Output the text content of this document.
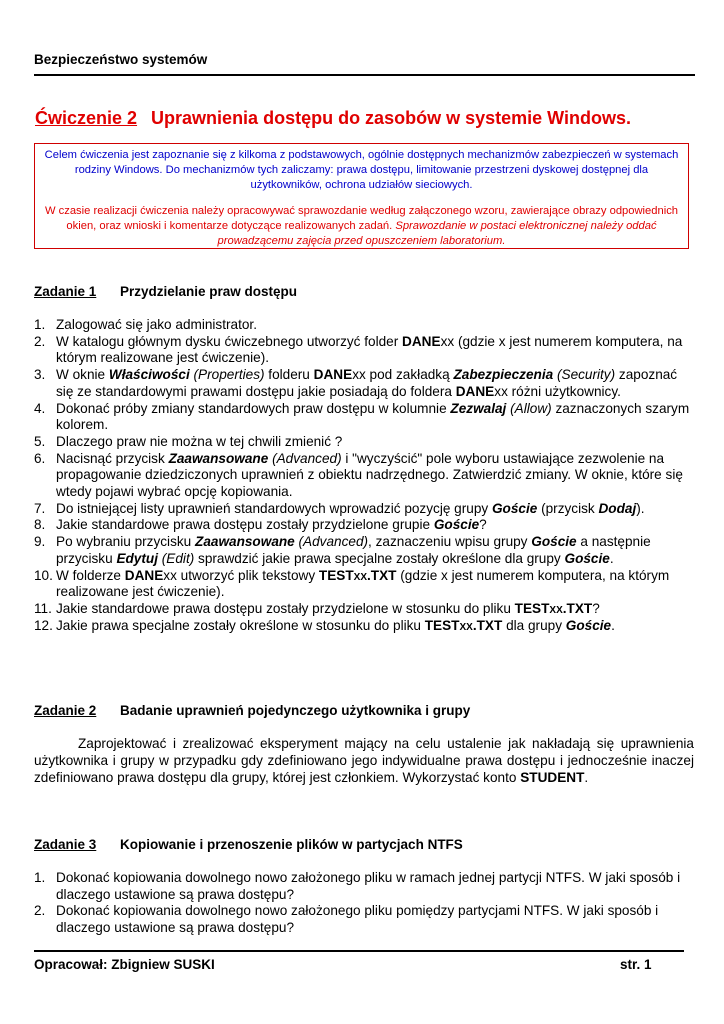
Bezpieczeństwo systemów
Ćwiczenie 2 Uprawnienia dostępu do zasobów w systemie Windows.

Celem ćwiczenia jest zapoznanie się z kilkoma z podstawowych, ogólnie dostępnych mechanizmów zabezpieczeń w systemach rodziny Windows. Do mechanizmów tych zaliczamy: prawa dostępu, limitowanie przestrzeni dyskowej dostępnej dla użytkowników, ochrona udziałów sieciowych.

W czasie realizacji ćwiczenia należy opracowywać sprawozdanie według załączonego wzoru, zawierające obrazy odpowiednich okien, oraz wnioski i komentarze dotyczące realizowanych zadań. Sprawozdanie w postaci elektronicznej należy oddać prowadzącemu zajęcia przed opuszczeniem laboratorium.

Zadanie 1 Przydzielanie praw dostępu
1. Zalogować się jako administrator.
2. W katalogu głównym dysku ćwiczebnego utworzyć folder DANExx (gdzie x jest numerem komputera, na którym realizowane jest ćwiczenie).
3. W oknie Właściwości (Properties) folderu DANExx pod zakładką Zabezpieczenia (Security) zapoznać się ze standardowymi prawami dostępu jakie posiadają do foldera DANExx różni użytkownicy.
4. Dokonać próby zmiany standardowych praw dostępu w kolumnie Zezwalaj (Allow) zaznaczonych szarym kolorem.
5. Dlaczego praw nie można w tej chwili zmienić ?
6. Nacisnąć przycisk Zaawansowane (Advanced) i "wyczyścić" pole wyboru ustawiające zezwolenie na propagowanie dziedziczonych uprawnień z obiektu nadrzędnego. Zatwierdzić zmiany. W oknie, które się wtedy pojawi wybrać opcję kopiowania.
7. Do istniejącej listy uprawnień standardowych wprowadzić pozycję grupy Goście (przycisk Dodaj).
8. Jakie standardowe prawa dostępu zostały przydzielone grupie Goście?
9. Po wybraniu przycisku Zaawansowane (Advanced), zaznaczeniu wpisu grupy Goście a następnie przycisku Edytuj (Edit) sprawdzić jakie prawa specjalne zostały określone dla grupy Goście.
10. W folderze DANExx utworzyć plik tekstowy TESTxx.TXT (gdzie x jest numerem komputera, na którym realizowane jest ćwiczenie).
11. Jakie standardowe prawa dostępu zostały przydzielone w stosunku do pliku TESTxx.TXT?
12. Jakie prawa specjalne zostały określone w stosunku do pliku TESTxx.TXT dla grupy Goście.
Zadanie 2 Badanie uprawnień pojedynczego użytkownika i grupy

Zaprojektować i zrealizować eksperyment mający na celu ustalenie jak nakładają się uprawnienia użytkownika i grupy w przypadku gdy zdefiniowano jego indywidualne prawa dostępu i jednocześnie inaczej zdefiniowano prawa dostępu dla grupy, której jest członkiem. Wykorzystać konto STUDENT.

Zadanie 3 Kopiowanie i przenoszenie plików w partycjach NTFS
1. Dokonać kopiowania dowolnego nowo założonego pliku w ramach jednej partycji NTFS. W jaki sposób i dlaczego ustawione są prawa dostępu?
2. Dokonać kopiowania dowolnego nowo założonego pliku pomiędzy partycjami NTFS. W jaki sposób i dlaczego ustawione są prawa dostępu?
Opracował: Zbigniew SUSKI	str. 1
